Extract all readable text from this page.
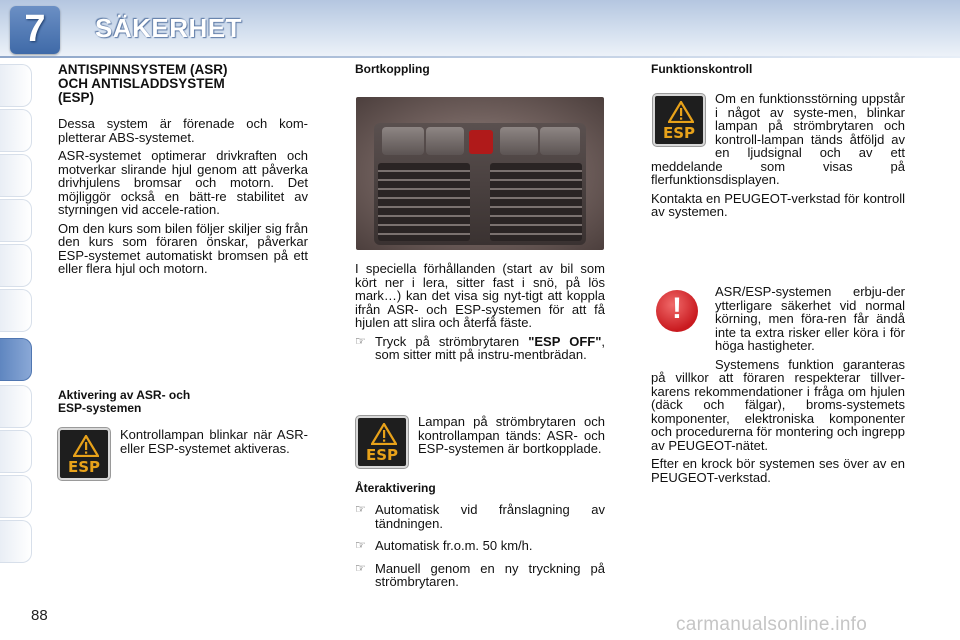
7	SÄKERHET
ANTISPINNSYSTEM (ASR)
OCH ANTISLADDSYSTEM
(ESP)

Dessa system är förenade och kom-pletterar ABS-systemet.

ASR-systemet optimerar drivkraften och motverkar slirande hjul genom att påverka drivhjulens bromsar och motorn. Det möjliggör också en bätt-re stabilitet av styrningen vid accele-ration.

Om den kurs som bilen följer skiljer sig från den kurs som föraren önskar, påverkar ESP-systemet automatiskt bromsen på ett eller flera hjul och motorn.

Aktivering av ASR- och
ESP-systemen
ESP

Kontrollampan blinkar när ASR- eller ESP-systemet aktiveras.

Bortkoppling

I speciella förhållanden (start av bil som kört ner i lera, sitter fast i snö, på lös mark…) kan det visa sig nyt-tigt att koppla ifrån ASR- och ESP-systemen för att få hjulen att slira och återfå fäste.

☞ Tryck på strömbrytaren "ESP OFF", som sitter mitt på instru-mentbrädan.
ESP

Lampan på strömbrytaren och kontrollampan tänds: ASR- och ESP-systemen är bortkopplade.

Återaktivering
☞ Automatisk vid frånslagning av tändningen.
☞ Automatisk fr.o.m. 50 km/h.
☞ Manuell genom en ny tryckning på strömbrytaren.
Funktionskontroll
ESP

Om en funktionsstörning uppstår i något av syste-men, blinkar lampan på strömbrytaren och kontroll-lampan tänds åtföljd av en ljudsignal och av ett meddelande som visas på flerfunktionsdisplayen.

Kontakta en PEUGEOT-verkstad för kontroll av systemen.

!

ASR/ESP-systemen erbju-der ytterligare säkerhet vid normal körning, men föra-ren får ändå inte ta extra risker eller köra i för höga hastigheter.

Systemens funktion garanteras på villkor att föraren respekterar tillver-karens rekommendationer i fråga om hjulen (däck och fälgar), broms-systemets komponenter, elektroniska komponenter och procedurerna för montering och ingrepp av PEUGEOT-nätet.

Efter en krock bör systemen ses över av en PEUGEOT-verkstad.

88	carmanualsonline.info
